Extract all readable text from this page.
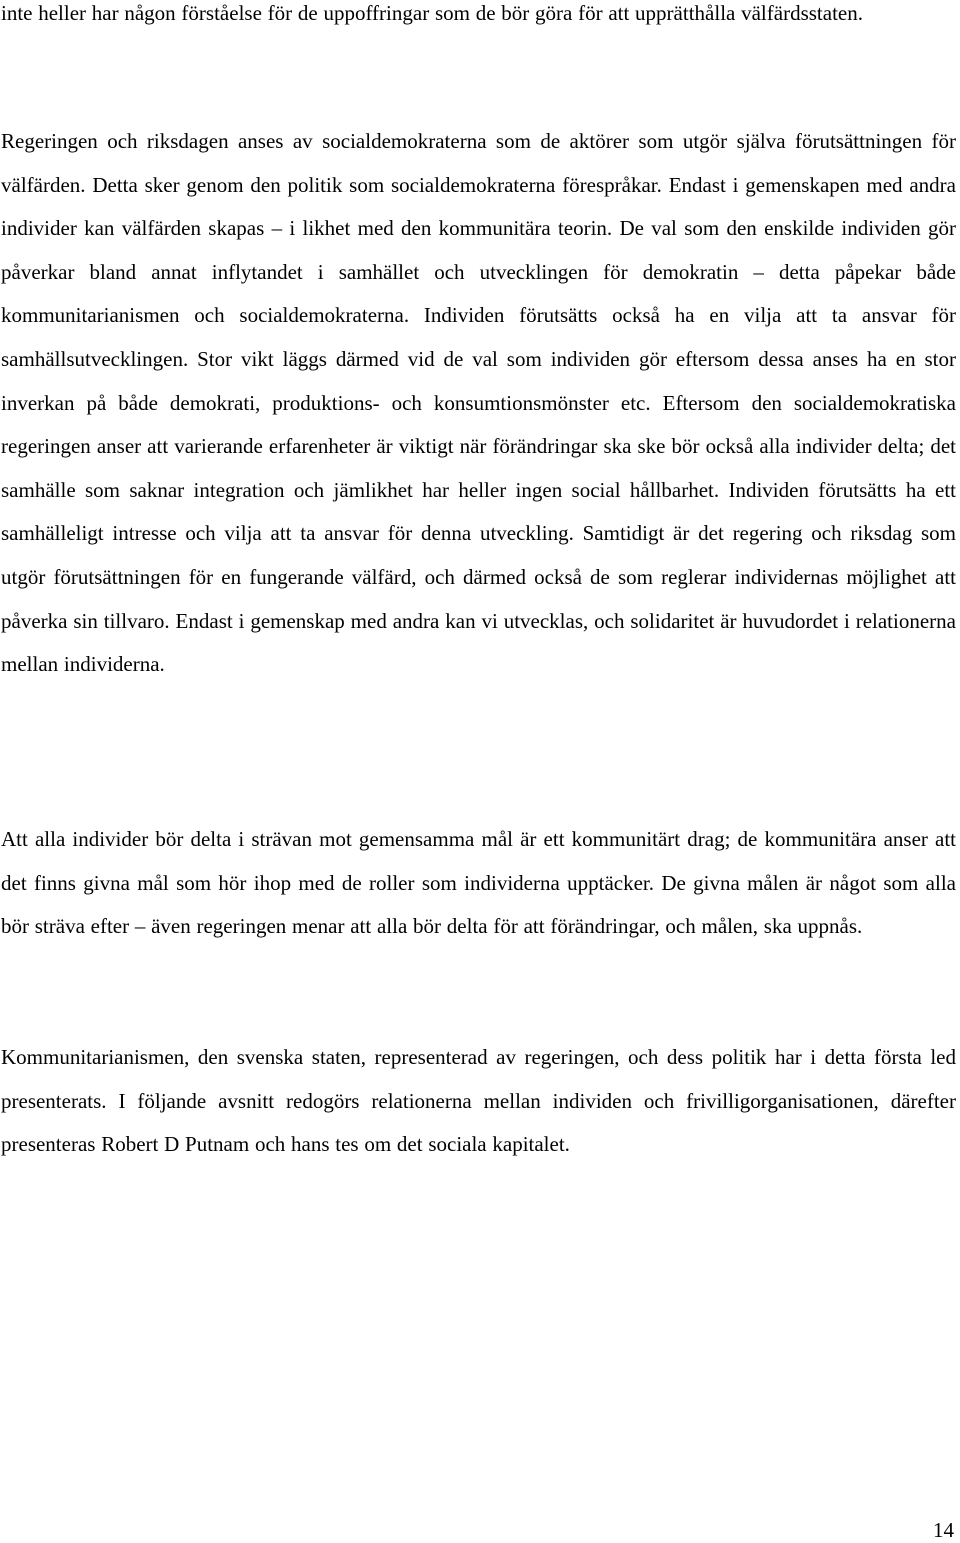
inte heller har någon förståelse för de uppoffringar som de bör göra för att upprätthålla välfärdsstaten.

Regeringen och riksdagen anses av socialdemokraterna som de aktörer som utgör själva förutsättningen för välfärden. Detta sker genom den politik som socialdemokraterna förespråkar. Endast i gemenskapen med andra individer kan välfärden skapas – i likhet med den kommunitära teorin. De val som den enskilde individen gör påverkar bland annat inflytandet i samhället och utvecklingen för demokratin – detta påpekar både kommunitarianismen och socialdemokraterna. Individen förutsätts också ha en vilja att ta ansvar för samhällsutvecklingen. Stor vikt läggs därmed vid de val som individen gör eftersom dessa anses ha en stor inverkan på både demokrati, produktions- och konsumtionsmönster etc. Eftersom den socialdemokratiska regeringen anser att varierande erfarenheter är viktigt när förändringar ska ske bör också alla individer delta; det samhälle som saknar integration och jämlikhet har heller ingen social hållbarhet. Individen förutsätts ha ett samhälleligt intresse och vilja att ta ansvar för denna utveckling. Samtidigt är det regering och riksdag som utgör förutsättningen för en fungerande välfärd, och därmed också de som reglerar individernas möjlighet att påverka sin tillvaro. Endast i gemenskap med andra kan vi utvecklas, och solidaritet är huvudordet i relationerna mellan individerna.

Att alla individer bör delta i strävan mot gemensamma mål är ett kommunitärt drag; de kommunitära anser att det finns givna mål som hör ihop med de roller som individerna upptäcker. De givna målen är något som alla bör sträva efter – även regeringen menar att alla bör delta för att förändringar, och målen, ska uppnås.

Kommunitarianismen, den svenska staten, representerad av regeringen, och dess politik har i detta första led presenterats. I följande avsnitt redogörs relationerna mellan individen och frivilligorganisationen, därefter presenteras Robert D Putnam och hans tes om det sociala kapitalet.

14
